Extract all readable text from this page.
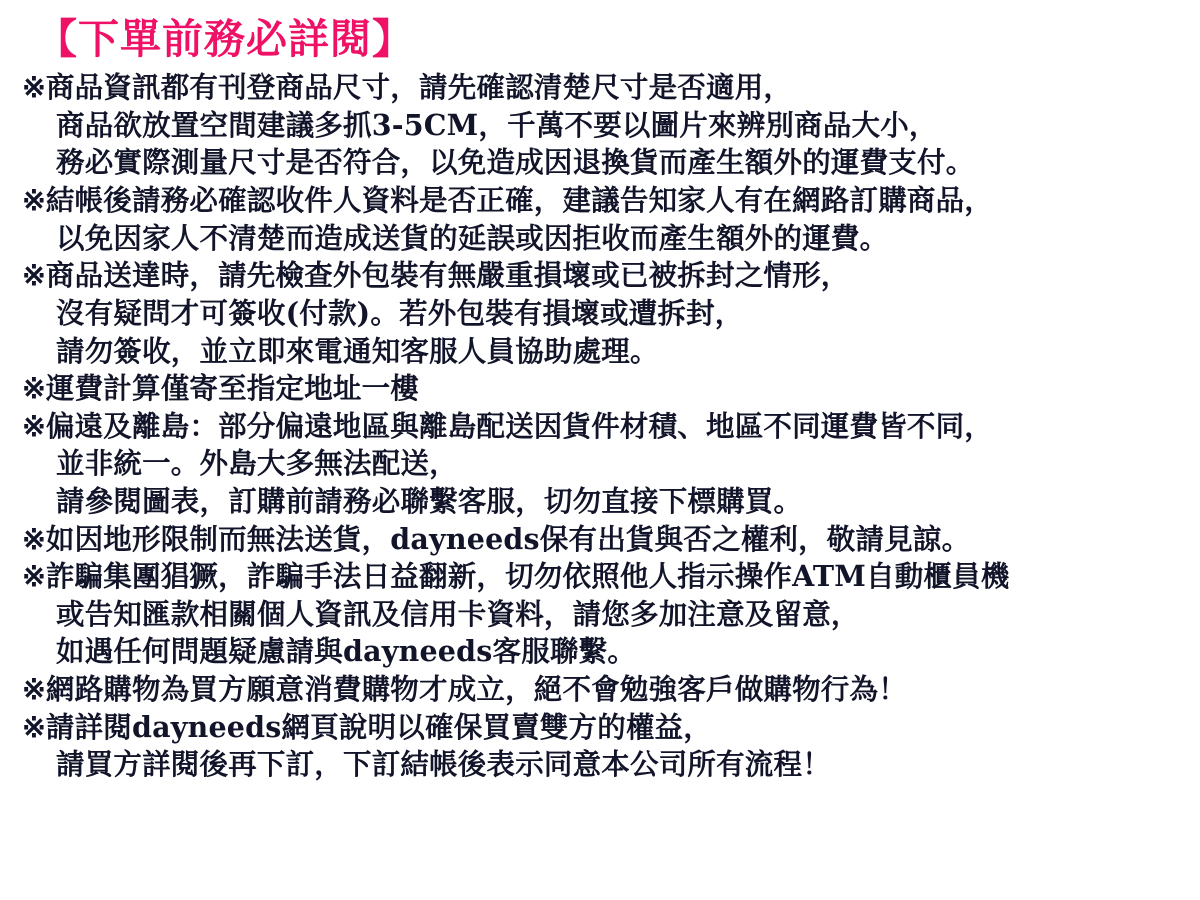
【下單前務必詳閱】
※商品資訊都有刊登商品尺寸，請先確認清楚尺寸是否適用，
商品欲放置空間建議多抓3-5CM，千萬不要以圖片來辨別商品大小，
務必實際測量尺寸是否符合，以免造成因退換貨而產生額外的運費支付。
※結帳後請務必確認收件人資料是否正確，建議告知家人有在網路訂購商品，
以免因家人不清楚而造成送貨的延誤或因拒收而產生額外的運費。
※商品送達時，請先檢查外包裝有無嚴重損壞或已被拆封之情形，
沒有疑問才可簽收(付款)。若外包裝有損壞或遭拆封，
請勿簽收，並立即來電通知客服人員協助處理。
※運費計算僅寄至指定地址一樓
※偏遠及離島：部分偏遠地區與離島配送因貨件材積、地區不同運費皆不同，
並非統一。外島大多無法配送，
請參閱圖表，訂購前請務必聯繫客服，切勿直接下標購買。
※如因地形限制而無法送貨，dayneeds保有出貨與否之權利，敬請見諒。
※詐騙集團猖獗，詐騙手法日益翻新，切勿依照他人指示操作ATM自動櫃員機
或告知匯款相關個人資訊及信用卡資料，請您多加注意及留意，
如遇任何問題疑慮請與dayneeds客服聯繫。
※網路購物為買方願意消費購物才成立，絕不會勉強客戶做購物行為！
※請詳閱dayneeds網頁說明以確保買賣雙方的權益，
請買方詳閱後再下訂，下訂結帳後表示同意本公司所有流程！
